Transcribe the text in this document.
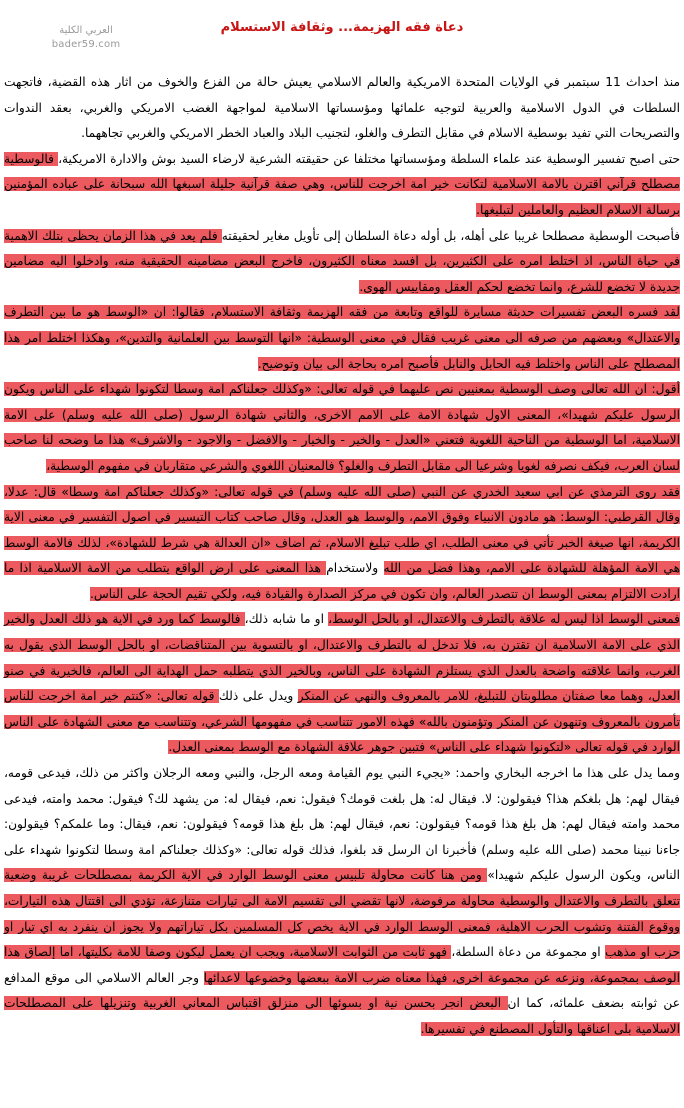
العربي الكلية
bader59.com
دعاة فقه الهزيمة... وثقافة الاستسلام

منذ احداث 11 سبتمبر في الولايات المتحدة الامريكية والعالم الاسلامي يعيش حالة من الفزع والخوف من اثار هذه القضية، فاتجهت السلطات في الدول الاسلامية والعربية لتوجيه علمائها ومؤسساتها الاسلامية لمواجهة الغضب الامريكي والغربي، بعقد الندوات والتصريحات التي تفيد بوسطية الاسلام في مقابل التطرف والغلو، لتجنيب البلاد والعباد الخطر الامريكي والغربي تجاههما.

حتى اصبح تفسير الوسطية عند علماء السلطة ومؤسساتها مختلفا عن حقيقته الشرعية لارضاء السيد بوش والادارة الامريكية، فالوسطية مصطلح قرآني اقترن بالامة الاسلامية لتكانت خير امة اخرجت للناس، وهي صفة قرآنية جليلة اسبغها الله سبحانة على عباده المؤمنين برسالة الاسلام العظيم والعاملين لتبليغها.

فأصبحت الوسطية مصطلحا غريبا على أهله، بل أوله دعاة السلطان إلى تأويل مغاير لحقيقته فلم يعد في هذا الزمان يحظى بتلك الاهمية في حياة الناس، اذ اختلط امره على الكثيرين، بل افسد معناه الكثيرون، فاخرج البعض مضامينه الحقيقية منه، وادخلوا اليه مضامين جديدة لا تخضع للشرع، وانما تخضع لحكم العقل ومقاييس الهوى.

لقد فسره البعض تفسيرات حديثة مسايرة للواقع وتابعة من فقه الهزيمة وثقافة الاستسلام، فقالوا: ان «الوسط هو ما بين التطرف والاعتدال» وبعضهم من صرفه الى معنى غريب فقال في معنى الوسطية: «انها التوسط بين العلمانية والتدين»، وهكذا اختلط امر هذا المصطلح على الناس واختلط فيه الحابل والنابل فأصبح امره بحاجة الى بيان وتوضيح.

أقول: ان الله تعالى وصف الوسطية بمعنيين نص عليهما في قوله تعالى: «وكذلك جعلناكم امة وسطا لتكونوا شهداء على الناس ويكون الرسول عليكم شهيدا»، المعنى الاول شهادة الامة على الامم الاخرى، والثاني شهادة الرسول (صلى الله عليه وسلم) على الامة الاسلامية، اما الوسطية من الناحية اللغوية فتعني «العدل - والخير - والخيار - والافضل - والاجود - والاشرف» هذا ما وضحه لنا صاحب لسان العرب، فيكف نصرفه لغويا وشرعيا الى مقابل التطرف والغلو؟ فالمعنيان اللغوي والشرعي متقاربان في مفهوم الوسطية،

فقد روى الترمذي عن ابي سعيد الخدري عن النبي (صلى الله عليه وسلم) في قوله تعالى: «وكذلك جعلناكم امة وسطا» قال: عدلا، وقال القرطبي: الوسط: هو مادون الانبياء وفوق الامم، والوسط هو العدل، وقال صاحب كتاب التيسير في اصول التفسير في معنى الاية الكريمة، انها صيغة الخبر تأتي في معنى الطلب، اي طلب تبليغ الاسلام، ثم اضاف «ان العدالة هي شرط للشهادة»، لذلك فالامة الوسط هي الامة المؤهلة للشهادة على الامم، وهذا فضل من الله ولاستخدام هذا المعنى على ارض الواقع يتطلب من الامة الاسلامية اذا ما ارادت الالتزام بمعنى الوسط ان تتصدر العالم، وان تكون في مركز الصدارة والقيادة فيه، ولكي تقيم الحجة على الناس.

فمعنى الوسط اذا ليس له علاقة بالتطرف والاعتدال، او بالحل الوسط، او ما شابه ذلك، فالوسط كما ورد في الاية هو ذلك العدل والخير الذي على الامة الاسلامية ان تقترن به، فلا تدخل له بالتطرف والاعتدال، او بالتسوية بين المتناقضات، او بالحل الوسط الذي يقول به الغرب، وانما علاقته واضحة بالعدل الذي يستلزم الشهادة على الناس، وبالخير الذي يتطلبه حمل الهداية الى العالم، فالخيرية في صنو العدل، وهما معا صفتان مطلوبتان للتبليغ، للامر بالمعروف والنهي عن المنكر ويدل على ذلك قوله تعالى: «كنتم خير امة اخرجت للناس تأمرون بالمعروف وتنهون عن المنكر وتؤمنون بالله» فهذه الامور تتناسب في مفهومها الشرعي، وتتناسب مع معنى الشهادة على الناس الوارد في قوله تعالى «لتكونوا شهداء على الناس» فتبين جوهر علاقة الشهادة مع الوسط بمعنى العدل.

ومما يدل على هذا ما اخرجه البخاري واحمد: «يجيء النبي يوم القيامة ومعه الرجل، والنبي ومعه الرجلان واكثر من ذلك، فيدعى قومه، فيقال لهم: هل بلغكم هذا؟ فيقولون: لا. فيقال له: هل بلغت قومك؟ فيقول: نعم، فيقال له: من يشهد لك؟ فيقول: محمد وامته، فيدعى محمد وامته فيقال لهم: هل بلغ هذا قومه؟ فيقولون: نعم، فيقال لهم: هل بلغ هذا قومه؟ فيقولون: نعم، فيقال: وما علمكم؟ فيقولون: جاءنا نبينا محمد (صلى الله عليه وسلم) فأخبرنا ان الرسل قد بلغوا، فذلك قوله تعالى: «وكذلك جعلناكم امة وسطا لتكونوا شهداء على الناس، ويكون الرسول عليكم شهيدا» ومن هنا كانت محاولة تلبيس معنى الوسط الوارد في الاية الكريمة بمصطلحات غريبة وضعية تتعلق بالتطرف والاعتدال والوسطية محاولة مرفوضة، لانها تقضي الى تقسيم الامة الى تيارات متنازعة، تؤدي الى اقتتال هذه التيارات، ووقوع الفتنة وتشوب الحرب الاهلية، فمعنى الوسط الوارد في الاية يخص كل المسلمين بكل تياراتهم ولا يجوز ان ينفرد به اي تيار او حزب او مذهب او مجموعة من دعاة السلطة، فهو ثابت من الثوابت الاسلامية، ويجب ان يعمل ليكون وصفا للامة بكليتها، اما إلصاق هذا الوصف بمجموعة، ونزعه عن مجموعة اخرى، فهذا معناه ضرب الامة ببعضها وخضوعها لاعدائها وجر العالم الاسلامي الى موقع المدافع عن ثوابته بضعف علمائه، كما ان البعض انجر بحسن نية او بسوئها الى منزلق اقتباس المعاني الغربية وتنزيلها على المصطلحات الاسلامية بلى اعناقها والتأول المصطنع في تفسيرها.
